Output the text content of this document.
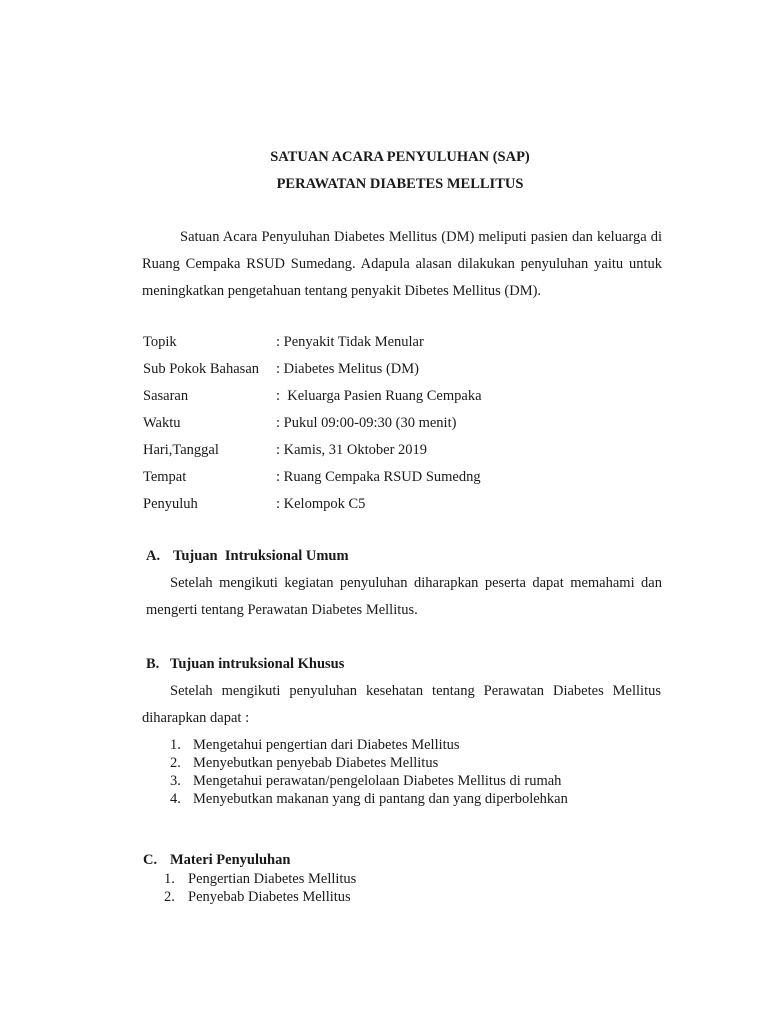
SATUAN ACARA PENYULUHAN (SAP)
PERAWATAN DIABETES MELLITUS

Satuan Acara Penyuluhan Diabetes Mellitus (DM) meliputi pasien dan keluarga di Ruang Cempaka RSUD Sumedang. Adapula alasan dilakukan penyuluhan yaitu untuk meningkatkan pengetahuan tentang penyakit Dibetes Mellitus (DM).

Topik	: Penyakit Tidak Menular
Sub Pokok Bahasan : Diabetes Melitus (DM)
Sasaran	:  Keluarga Pasien Ruang Cempaka
Waktu	: Pukul 09:00-09:30 (30 menit)
Hari,Tanggal	: Kamis, 31 Oktober 2019
Tempat	: Ruang Cempaka RSUD Sumedng
Penyuluh	: Kelompok C5
A. Tujuan  Intruksional Umum

Setelah mengikuti kegiatan penyuluhan diharapkan peserta dapat memahami dan mengerti tentang Perawatan Diabetes Mellitus.

B. Tujuan intruksional Khusus

Setelah mengikuti penyuluhan kesehatan tentang Perawatan Diabetes Mellitus diharapkan dapat :

1. Mengetahui pengertian dari Diabetes Mellitus
2. Menyebutkan penyebab Diabetes Mellitus
3. Mengetahui perawatan/pengelolaan Diabetes Mellitus di rumah
4. Menyebutkan makanan yang di pantang dan yang diperbolehkan
C. Materi Penyuluhan
1. Pengertian Diabetes Mellitus
2. Penyebab Diabetes Mellitus
